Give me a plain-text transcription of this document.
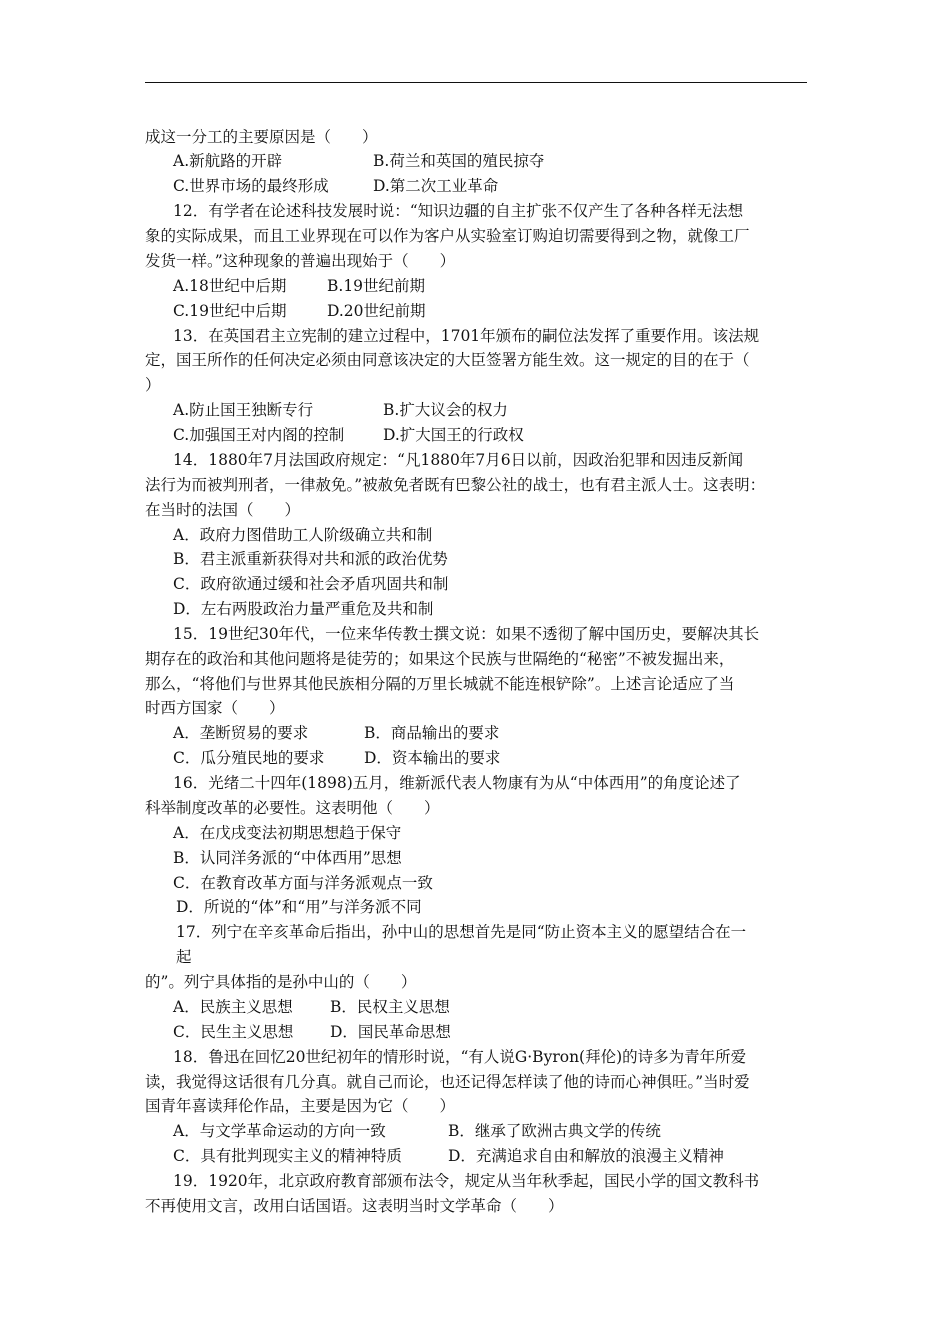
成这一分工的主要原因是（　　）
A.新航路的开辟	B.荷兰和英国的殖民掠夺
C.世界市场的最终形成	D.第二次工业革命
12．有学者在论述科技发展时说：“知识边疆的自主扩张不仅产生了各种各样无法想
象的实际成果，而且工业界现在可以作为客户从实验室订购迫切需要得到之物，就像工厂
发货一样。”这种现象的普遍出现始于（　　）
A.18世纪中后期	B.19世纪前期
C.19世纪中后期	D.20世纪前期
13．在英国君主立宪制的建立过程中，1701年颁布的嗣位法发挥了重要作用。该法规
定，国王所作的任何决定必须由同意该决定的大臣签署方能生效。这一规定的目的在于（
）
A.防止国王独断专行	B.扩大议会的权力
C.加强国王对内阁的控制	D.扩大国王的行政权
14．1880年7月法国政府规定：“凡1880年7月6日以前，因政治犯罪和因违反新闻
法行为而被判刑者，一律赦免。”被赦免者既有巴黎公社的战士，也有君主派人士。这表明：
在当时的法国（　　）
A．政府力图借助工人阶级确立共和制
B．君主派重新获得对共和派的政治优势
C．政府欲通过缓和社会矛盾巩固共和制
D．左右两股政治力量严重危及共和制
15．19世纪30年代，一位来华传教士撰文说：如果不透彻了解中国历史，要解决其长
期存在的政治和其他问题将是徒劳的；如果这个民族与世隔绝的“秘密”不被发掘出来，
那么，“将他们与世界其他民族相分隔的万里长城就不能连根铲除”。上述言论适应了当
时西方国家（　　）
A．垄断贸易的要求	B．商品输出的要求
C．瓜分殖民地的要求	D．资本输出的要求
16．光绪二十四年(1898)五月，维新派代表人物康有为从“中体西用”的角度论述了
科举制度改革的必要性。这表明他（　　）
A．在戊戌变法初期思想趋于保守
B．认同洋务派的“中体西用”思想
C．在教育改革方面与洋务派观点一致
D．所说的“体”和“用”与洋务派不同
17．列宁在辛亥革命后指出，孙中山的思想首先是同“防止资本主义的愿望结合在一
起
的”。列宁具体指的是孙中山的（　　）
A．民族主义思想 B．民权主义思想
C．民生主义思想 D．国民革命思想
18．鲁迅在回忆20世纪初年的情形时说，“有人说G·Byron(拜伦)的诗多为青年所爱
读，我觉得这话很有几分真。就自己而论，也还记得怎样读了他的诗而心神俱旺。”当时爱
国青年喜读拜伦作品，主要是因为它（　　）
A．与文学革命运动的方向一致	B．继承了欧洲古典文学的传统
C．具有批判现实主义的精神特质	D．充满追求自由和解放的浪漫主义精神
19．1920年，北京政府教育部颁布法令，规定从当年秋季起，国民小学的国文教科书
不再使用文言，改用白话国语。这表明当时文学革命（　　）
